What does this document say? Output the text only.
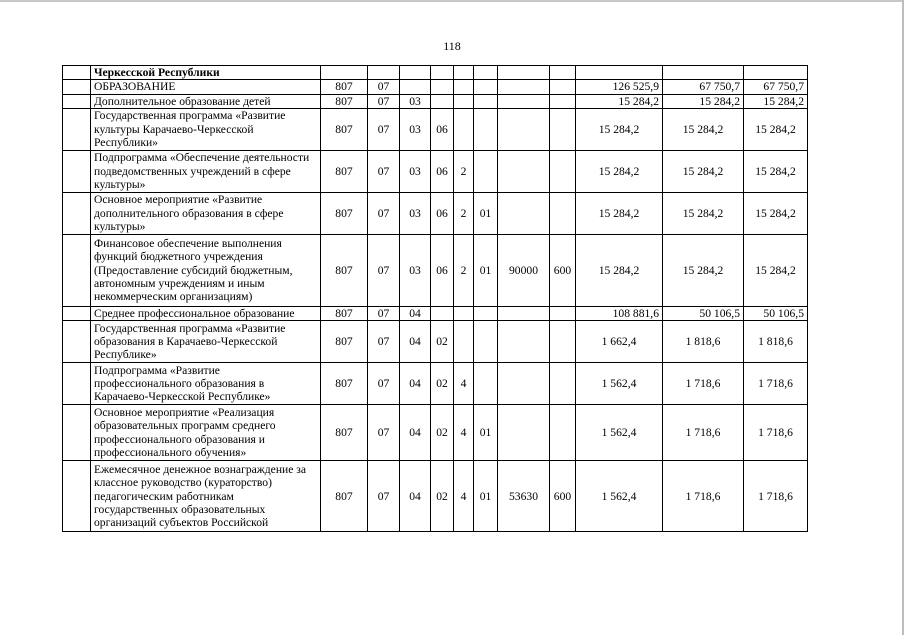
118
	Черкесской Республики											
	ОБРАЗОВАНИЕ	807	07							126 525,9	67 750,7	67 750,7
	Дополнительное образование детей	807	07	03						15 284,2	15 284,2	15 284,2
	Государственная программа «Развитие культуры Карачаево-Черкесской Республики»	807	07	03	06					15 284,2	15 284,2	15 284,2
	Подпрограмма «Обеспечение деятельности подведомственных учреждений в сфере культуры»	807	07	03	06	2				15 284,2	15 284,2	15 284,2
	Основное мероприятие «Развитие дополнительного образования в сфере культуры»	807	07	03	06	2	01			15 284,2	15 284,2	15 284,2
	Финансовое обеспечение выполнения функций бюджетного учреждения (Предоставление субсидий бюджетным, автономным учреждениям и иным некоммерческим организациям)	807	07	03	06	2	01	90000	600	15 284,2	15 284,2	15 284,2
	Среднее профессиональное образование	807	07	04						108 881,6	50 106,5	50 106,5
	Государственная программа «Развитие образования в Карачаево-Черкесской Республике»	807	07	04	02					1 662,4	1 818,6	1 818,6
	Подпрограмма «Развитие профессионального образования в Карачаево-Черкесской Республике»	807	07	04	02	4				1 562,4	1 718,6	1 718,6
	Основное мероприятие «Реализация образовательных программ среднего профессионального образования и профессионального обучения»	807	07	04	02	4	01			1 562,4	1 718,6	1 718,6
	Ежемесячное денежное вознаграждение за классное руководство (кураторство) педагогическим работникам государственных образовательных организаций субъектов Российской	807	07	04	02	4	01	53630	600	1 562,4	1 718,6	1 718,6
